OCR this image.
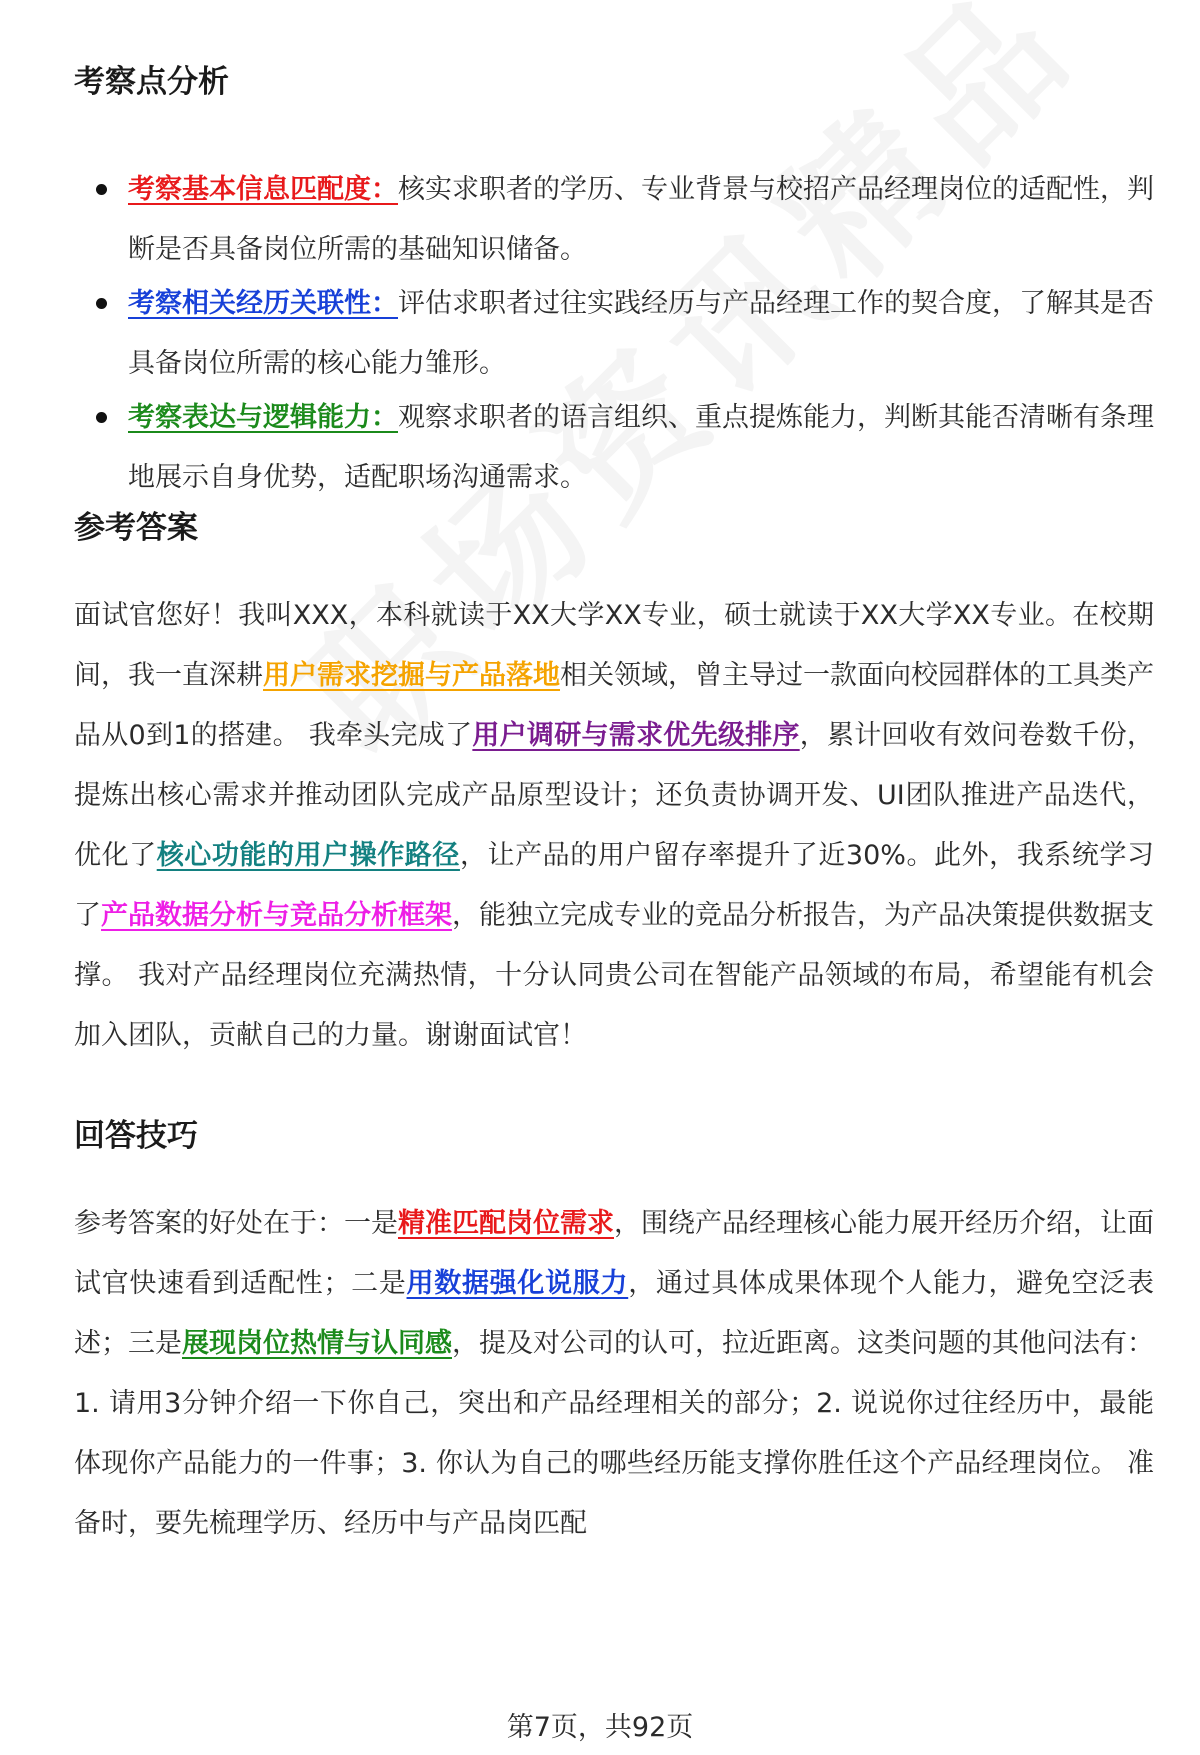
考察点分析
考察基本信息匹配度：核实求职者的学历、专业背景与校招产品经理岗位的适配性，判断是否具备岗位所需的基础知识储备。
考察相关经历关联性：评估求职者过往实践经历与产品经理工作的契合度，了解其是否具备岗位所需的核心能力雏形。
考察表达与逻辑能力：观察求职者的语言组织、重点提炼能力，判断其能否清晰有条理地展示自身优势，适配职场沟通需求。
参考答案

面试官您好！我叫XXX，本科就读于XX大学XX专业，硕士就读于XX大学XX专业。在校期间，我一直深耕用户需求挖掘与产品落地相关领域，曾主导过一款面向校园群体的工具类产品从0到1的搭建。 我牵头完成了用户调研与需求优先级排序，累计回收有效问卷数千份，提炼出核心需求并推动团队完成产品原型设计；还负责协调开发、UI团队推进产品迭代，优化了核心功能的用户操作路径，让产品的用户留存率提升了近30%。此外，我系统学习了产品数据分析与竞品分析框架，能独立完成专业的竞品分析报告，为产品决策提供数据支撑。 我对产品经理岗位充满热情，十分认同贵公司在智能产品领域的布局，希望能有机会加入团队，贡献自己的力量。谢谢面试官！

回答技巧

参考答案的好处在于：一是精准匹配岗位需求，围绕产品经理核心能力展开经历介绍，让面试官快速看到适配性；二是用数据强化说服力，通过具体成果体现个人能力，避免空泛表述；三是展现岗位热情与认同感，提及对公司的认可，拉近距离。这类问题的其他问法有：1. 请用3分钟介绍一下你自己，突出和产品经理相关的部分；2. 说说你过往经历中，最能体现你产品能力的一件事；3. 你认为自己的哪些经历能支撑你胜任这个产品经理岗位。 准备时，要先梳理学历、经历中与产品岗匹配

第7页，共92页
